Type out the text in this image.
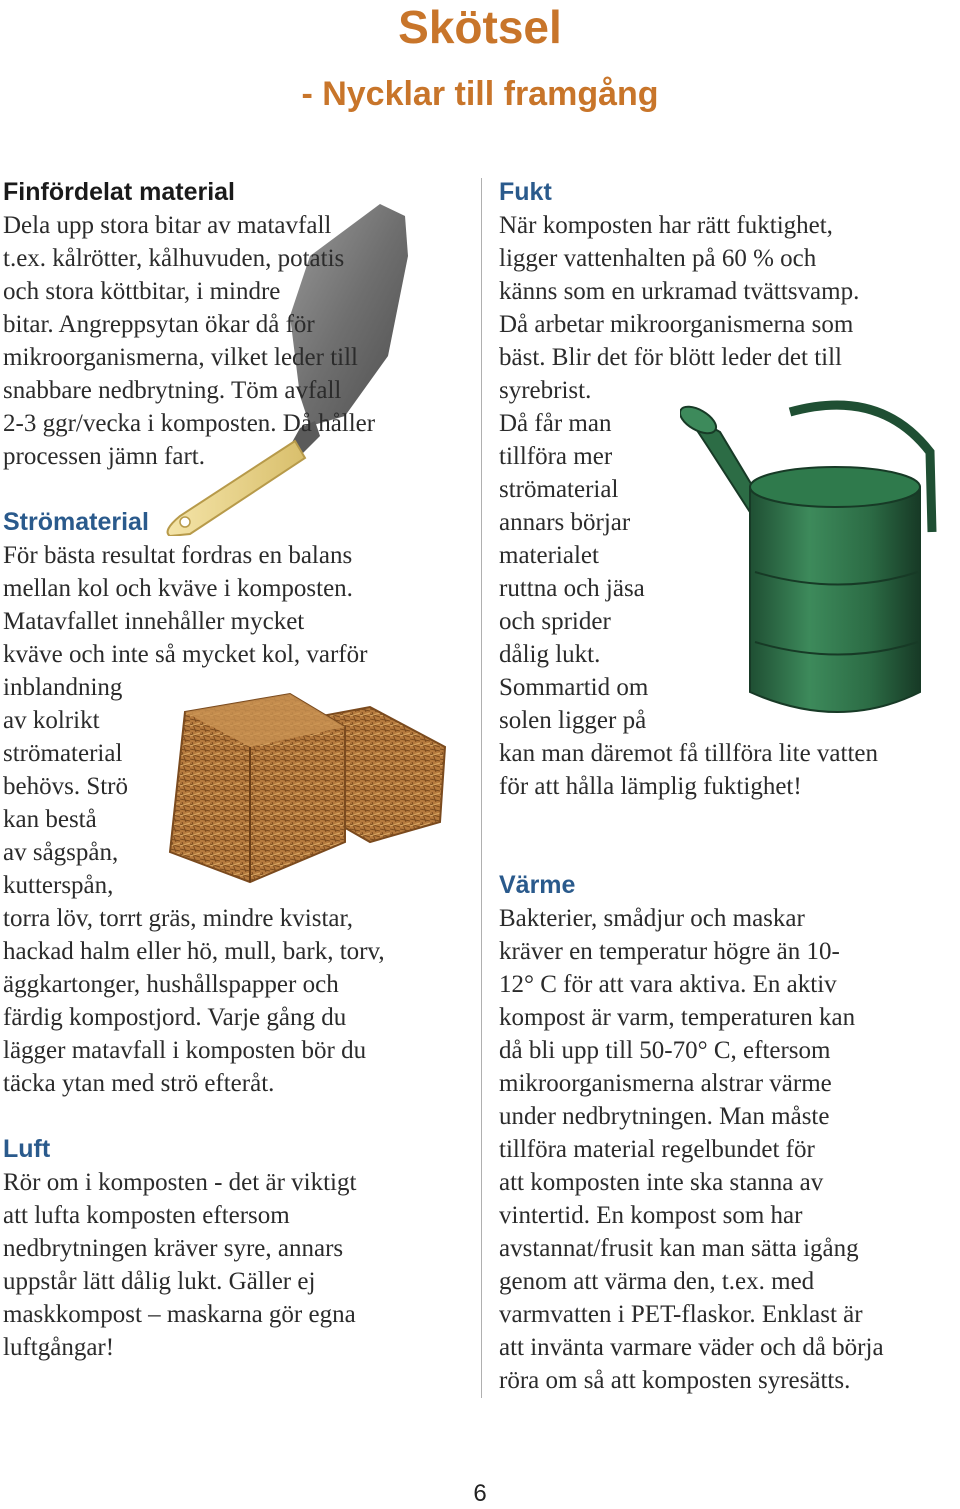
Skötsel
- Nycklar till framgång
Finfördelat material

Dela upp stora bitar av matavfall

t.ex. kålrötter, kålhuvuden, potatis

och stora köttbitar, i mindre

bitar. Angreppsytan ökar då för

mikroorganismerna, vilket leder till

snabbare nedbrytning. Töm avfall

2-3 ggr/vecka i komposten. Då håller

processen jämn fart.

Strömaterial

För bästa resultat fordras en balans

mellan kol och kväve i komposten.

Matavfallet innehåller mycket

kväve och inte så mycket kol, varför

inblandning

av kolrikt

strömaterial

behövs. Strö

kan bestå

av sågspån,

kutterspån,

torra löv, torrt gräs, mindre kvistar,

hackad halm eller hö, mull, bark, torv,

äggkartonger, hushållspapper och

färdig kompostjord. Varje gång du

lägger matavfall i komposten bör du

täcka ytan med strö efteråt.

Luft

Rör om i komposten - det är viktigt

att lufta komposten eftersom

nedbrytningen kräver syre, annars

uppstår lätt dålig lukt. Gäller ej

maskkompost – maskarna gör egna

luftgångar!

Fukt

När komposten har rätt fuktighet,

ligger vattenhalten på 60 % och

känns som en urkramad tvättsvamp.

Då arbetar mikroorganismerna som

bäst. Blir det för blött leder det till

syrebrist.

Då får man

tillföra mer

strömaterial

annars börjar

materialet

ruttna och jäsa

och sprider

dålig lukt.

Sommartid om

solen ligger på

kan man däremot få tillföra lite vatten

för att hålla lämplig fuktighet!

Värme

Bakterier, smådjur och maskar

kräver en temperatur högre än 10-

12° C för att vara aktiva. En aktiv

kompost är varm, temperaturen kan

då bli upp till 50-70° C, eftersom

mikroorganismerna alstrar värme

under nedbrytningen. Man måste

tillföra material regelbundet för

att komposten inte ska stanna av

vintertid. En kompost som har

avstannat/frusit kan man sätta igång

genom att värma den, t.ex. med

varmvatten i PET-flaskor. Enklast är

att invänta varmare väder och då börja

röra om så att komposten syresätts.

6
